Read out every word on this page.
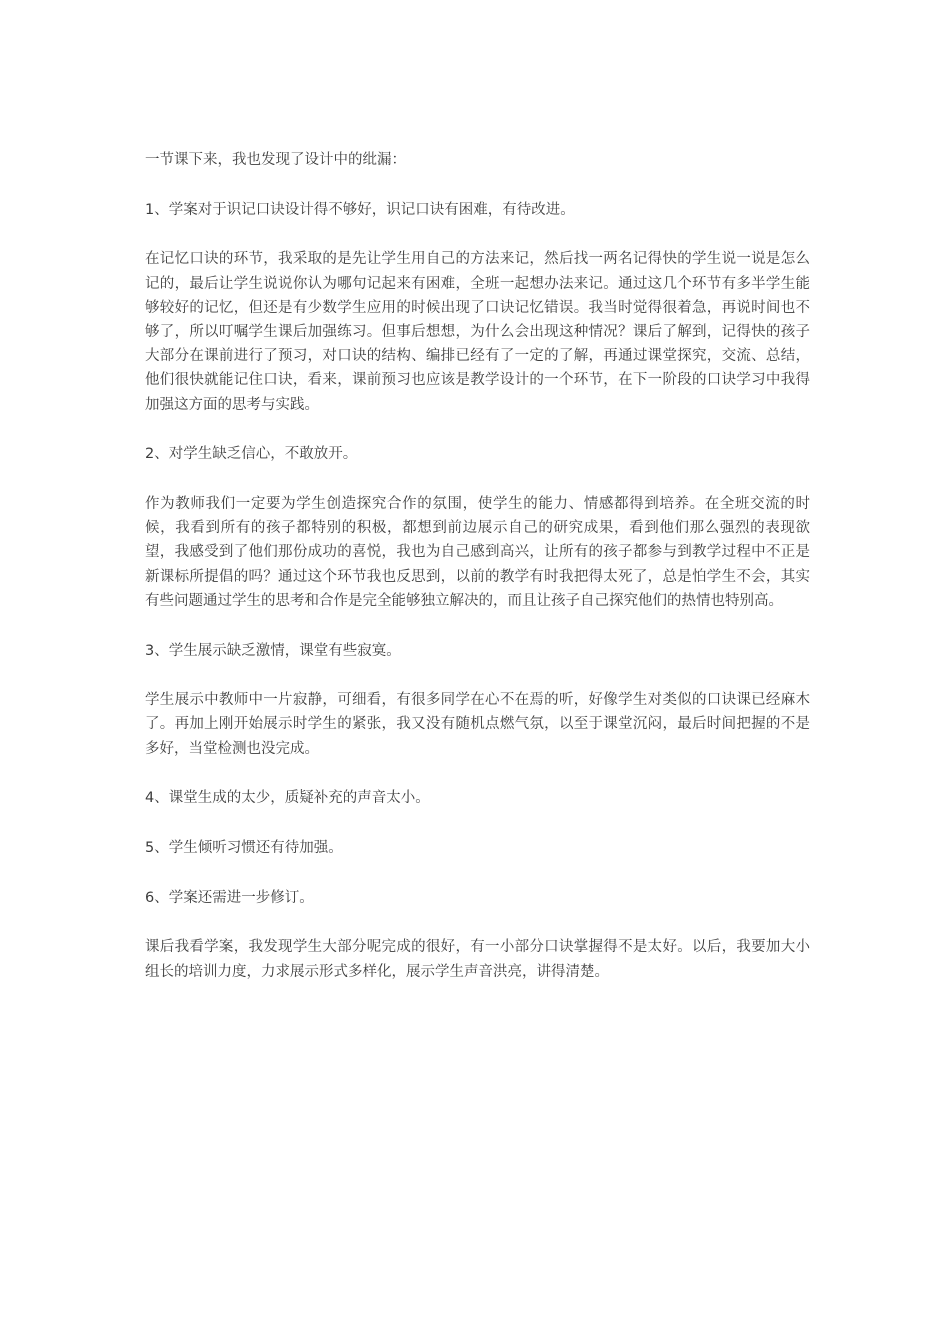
一节课下来，我也发现了设计中的纰漏：

1、学案对于识记口诀设计得不够好，识记口诀有困难，有待改进。

在记忆口诀的环节，我采取的是先让学生用自己的方法来记，然后找一两名记得快的学生说一说是怎么记的，最后让学生说说你认为哪句记起来有困难，全班一起想办法来记。通过这几个环节有多半学生能够较好的记忆，但还是有少数学生应用的时候出现了口诀记忆错误。我当时觉得很着急，再说时间也不够了，所以叮嘱学生课后加强练习。但事后想想，为什么会出现这种情况？课后了解到，记得快的孩子大部分在课前进行了预习，对口诀的结构、编排已经有了一定的了解，再通过课堂探究，交流、总结，他们很快就能记住口诀，看来，课前预习也应该是教学设计的一个环节，在下一阶段的口诀学习中我得加强这方面的思考与实践。

2、对学生缺乏信心，不敢放开。

作为教师我们一定要为学生创造探究合作的氛围，使学生的能力、情感都得到培养。在全班交流的时候，我看到所有的孩子都特别的积极，都想到前边展示自己的研究成果，看到他们那么强烈的表现欲望，我感受到了他们那份成功的喜悦，我也为自己感到高兴，让所有的孩子都参与到教学过程中不正是新课标所提倡的吗？通过这个环节我也反思到，以前的教学有时我把得太死了，总是怕学生不会，其实有些问题通过学生的思考和合作是完全能够独立解决的，而且让孩子自己探究他们的热情也特别高。

3、学生展示缺乏激情，课堂有些寂寞。

学生展示中教师中一片寂静，可细看，有很多同学在心不在焉的听，好像学生对类似的口诀课已经麻木了。再加上刚开始展示时学生的紧张，我又没有随机点燃气氛，以至于课堂沉闷，最后时间把握的不是多好，当堂检测也没完成。

4、课堂生成的太少，质疑补充的声音太小。

5、学生倾听习惯还有待加强。

6、学案还需进一步修订。

课后我看学案，我发现学生大部分呢完成的很好，有一小部分口诀掌握得不是太好。以后，我要加大小组长的培训力度，力求展示形式多样化，展示学生声音洪亮，讲得清楚。
